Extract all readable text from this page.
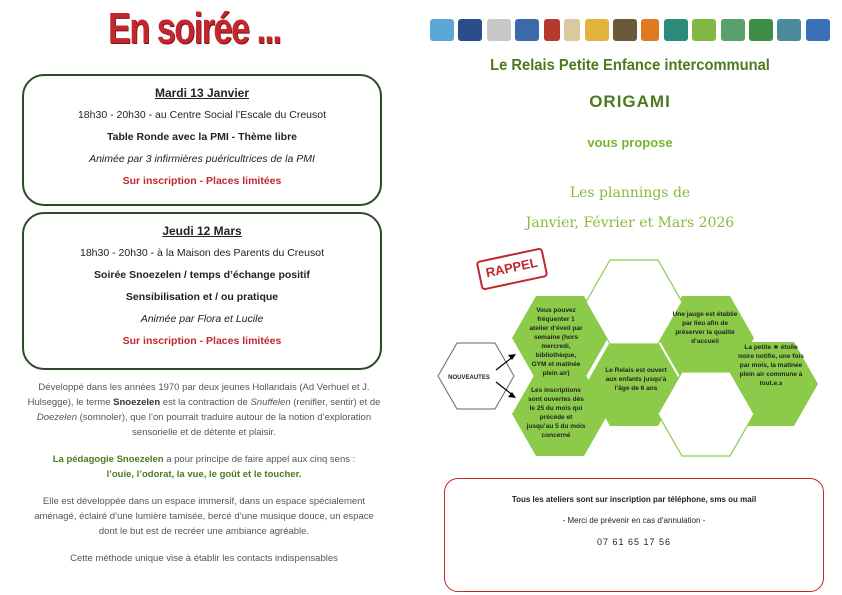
En soirée ...
Mardi 13 Janvier
18h30 - 20h30 - au Centre Social l’Escale du Creusot
Table Ronde avec la PMI - Thème libre
Animée par 3 infirmières puéricultrices de la PMI
Sur inscription - Places limitées
Jeudi 12 Mars
18h30 - 20h30 - à la Maison des Parents du Creusot
Soirée Snoezelen / temps d’échange positif
Sensibilisation et / ou pratique
Animée par Flora et Lucile
Sur inscription - Places limitées

Développé dans les années 1970 par deux jeunes Hollandais (Ad Verhuel et J. Hulsegge), le terme Snoezelen est la contraction de Snuffelen (renifler, sentir) et de Doezelen (somnoler), que l’on pourrait traduire autour de la notion d’exploration sensorielle et de détente et plaisir.

La pédagogie Snoezelen a pour principe de faire appel aux cinq sens :
l’ouïe, l’odorat, la vue, le goût et le toucher.

Elle est développée dans un espace immersif, dans un espace spécialement aménagé, éclairé d’une lumière tamisée, bercé d’une musique douce, un espace dont le but est de recréer une ambiance agréable.

Cette méthode unique vise à établir les contacts indispensables

Le Relais Petite Enfance intercommunal
ORIGAMI
vous propose
Les plannings de
Janvier, Février et Mars 2026
RAPPEL
NOUVEAUTES
Vous pouvez fréquenter 1 atelier d’éveil par semaine (hors mercredi, bibliothèque, GYM et matinée plein air)
Les inscriptions sont ouvertes dès le 25 du mois qui précède et jusqu’au 5 du mois concerné
Le Relais est ouvert aux enfants jusqu’à l’âge de 6 ans
Une jauge est établie par lieu afin de préserver la qualité d’accueil
La petite ★ étoile noire notifie, une fois par mois, la matinée plein air commune à tout.e.s
Tous les ateliers sont sur inscription par téléphone, sms ou mail
- Merci de prévenir en cas d’annulation -
07 61 65 17 56
